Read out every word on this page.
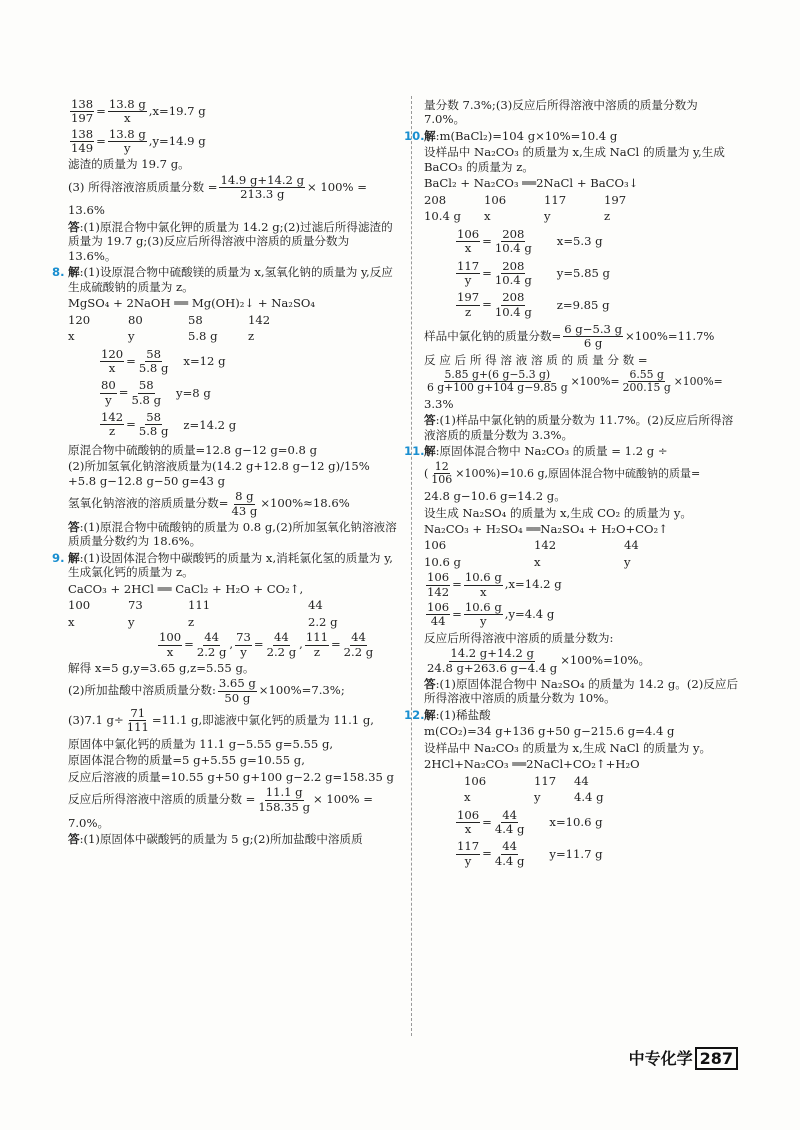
$\frac{138}{197} = \frac{13.8 g}{x} ,x=19.7$ g
$\frac{138}{149} = \frac{13.8 g}{y} ,y=14.9$ g
滤渣的质量为 19.7 g。
(3) 所得溶液溶质质量分数 = $\frac{14.9 g+14.2 g}{213.3 g} \times 100\%$ =
13.6%
答:(1)原混合物中氯化钾的质量为 14.2 g;(2)过滤后所得滤渣的质量为 19.7 g;(3)反应后所得溶液中溶质的质量分数为 13.6%。
8. 解:(1)设原混合物中硫酸镁的质量为 x,氢氧化钠的质量为 y,反应生成硫酸钠的质量为 z。
MgSO₄ + 2NaOH ══ Mg(OH)₂↓ + Na₂SO₄
120	80	58	142
x	y	5.8 g	z
$\frac{120}{x} = \frac{58}{5.8 g} x=12$ g
$\frac{80}{y} = \frac{58}{5.8 g} y=8$ g
$\frac{142}{z} = \frac{58}{5.8 g} z=14.2$ g
原混合物中硫酸钠的质量=12.8 g−12 g=0.8 g
(2)所加氢氧化钠溶液质量为(14.2 g+12.8 g−12 g)/15% +5.8 g−12.8 g−50 g=43 g
氢氧化钠溶液的溶质质量分数= $\frac{8 g}{43 g} \times 100\%\approx 18.6\%$
答:(1)原混合物中硫酸钠的质量为 0.8 g,(2)所加氢氧化钠溶液溶质质量分数约为 18.6%。
9. 解:(1)设固体混合物中碳酸钙的质量为 x,消耗氯化氢的质量为 y,生成氯化钙的质量为 z。
CaCO₃ + 2HCl ══ CaCl₂ + H₂O + CO₂↑,
100	73	111	44
x	y	z	2.2 g
$\frac{100}{x} = \frac{44}{2.2 g}$ , $\frac{73}{y} = \frac{44}{2.2 g}$ , $\frac{111}{z} = \frac{44}{2.2 g}$
解得 x=5 g,y=3.65 g,z=5.55 g。
(2)所加盐酸中溶质质量分数: $\frac{3.65 g}{50 g} \times 100\%=7.3\%$;
(3)7.1 $g\div \frac{71}{111} =11.1$ g,即滤液中氯化钙的质量为 11.1 g,
原固体中氯化钙的质量为 11.1 g−5.55 g=5.55 g,
原固体混合物的质量=5 g+5.55 g=10.55 g,
反应后溶液的质量=10.55 g+50 g+100 g−2.2 g=158.35 g
反应后所得溶液中溶质的质量分数 = $\frac{11.1 g}{158.35 g} \times 100\%$ =
7.0%。
答:(1)原固体中碳酸钙的质量为 5 g;(2)所加盐酸中溶质质
量分数 7.3%;(3)反应后所得溶液中溶质的质量分数为 7.0%。
10. 解:m(BaCl₂)=104 g×10%=10.4 g
设样品中 Na₂CO₃ 的质量为 x,生成 NaCl 的质量为 y,生成 BaCO₃ 的质量为 z。
BaCl₂ + Na₂CO₃ ══2NaCl + BaCO₃↓
208	106	117	197
10.4 g	x	y	z
$\frac{106}{x} = \frac{208}{10.4 g} x=5.3$ g
$\frac{117}{y} = \frac{208}{10.4 g} y=5.85$ g
$\frac{197}{z} = \frac{208}{10.4 g} z=9.85$ g
样品中氯化钠的质量分数= $\frac{6 g-5.3 g}{6 g} \times 100\%=11.7\%$
反 应 后 所 得 溶 液 溶 质 的 质 量 分 数 =
$\frac{5.85 g+(6 g-5.3 g)}{6 g+100 g+104 g-9.85 g} \times 100\%= \frac{6.55 g}{200.15 g} \times 100\%=$
3.3%
答:(1)样品中氯化钠的质量分数为 11.7%。(2)反应后所得溶液溶质的质量分数为 3.3%。
11. 解:原固体混合物中 Na₂CO₃ 的质量 = 1.2 g ÷
( $\frac{12}{106} \times 100\%)=10.6$ g,原固体混合物中硫酸钠的质量=
24.8 g−10.6 g=14.2 g。
设生成 Na₂SO₄ 的质量为 x,生成 CO₂ 的质量为 y。
Na₂CO₃ + H₂SO₄ ══Na₂SO₄ + H₂O+CO₂↑
106	142	44
10.6 g	x	y
$\frac{106}{142} = \frac{10.6 g}{x} ,x=14.2$ g
$\frac{106}{44} = \frac{10.6 g}{y} ,y=4.4$ g
反应后所得溶液中溶质的质量分数为:
$\frac{14.2 g+14.2 g}{24.8 g+263.6 g-4.4 g} \times 100\%=10\%$。
答:(1)原固体混合物中 Na₂SO₄ 的质量为 14.2 g。(2)反应后所得溶液中溶质的质量分数为 10%。
12. 解:(1)稀盐酸
m(CO₂)=34 g+136 g+50 g−215.6 g=4.4 g
设样品中 Na₂CO₃ 的质量为 x,生成 NaCl 的质量为 y。
2HCl+Na₂CO₃ ══2NaCl+CO₂↑+H₂O
106	117	44
x	y	4.4 g
$\frac{106}{x} = \frac{44}{4.4 g} x=10.6$ g
$\frac{117}{y} = \frac{44}{4.4 g} y=11.7$ g
中专化学 287
